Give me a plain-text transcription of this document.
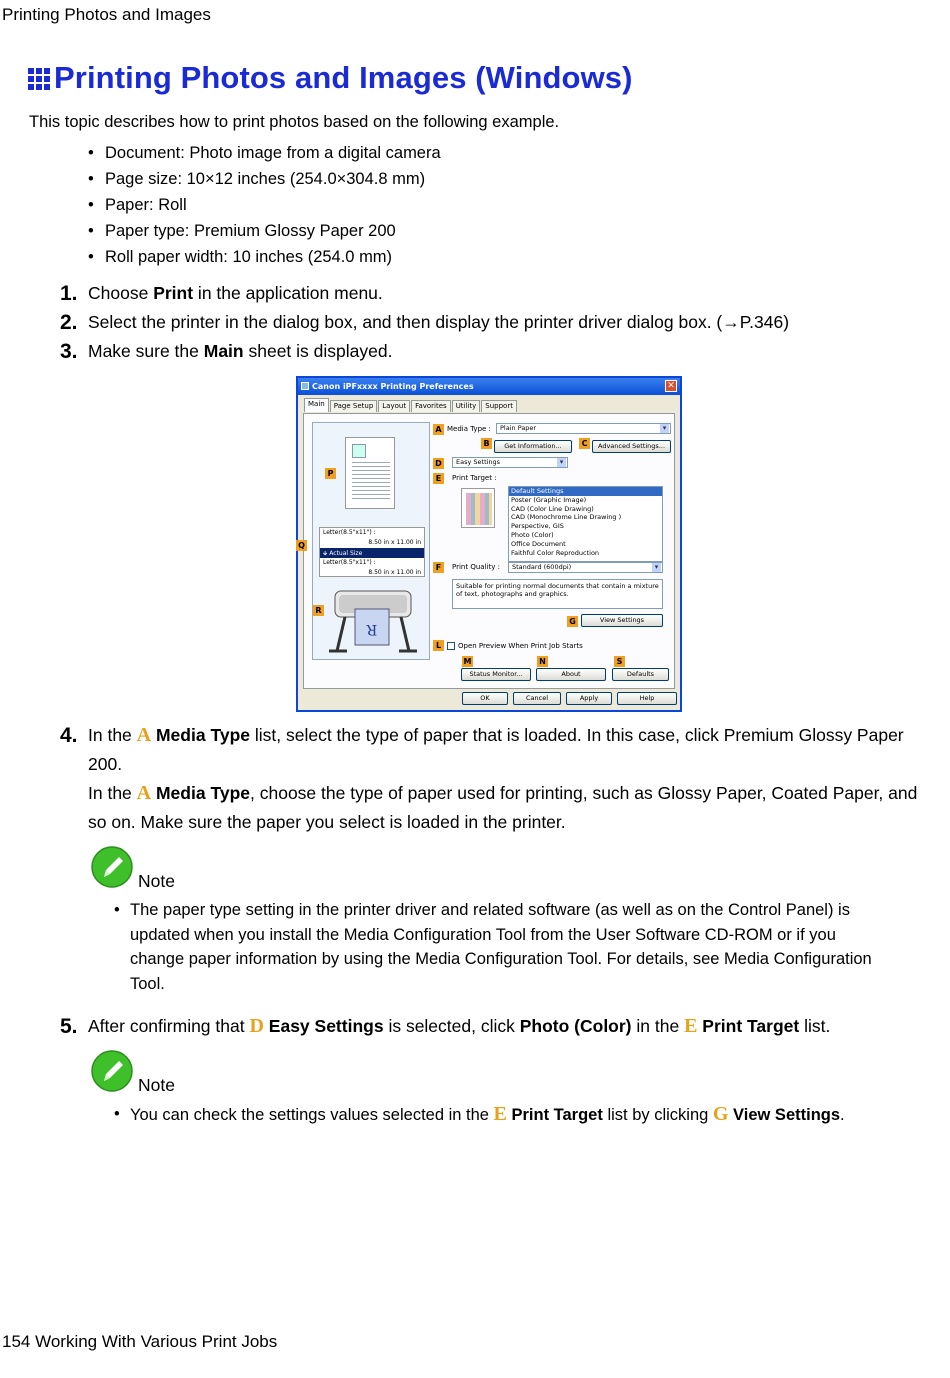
Printing Photos and Images
Printing Photos and Images (Windows)
This topic describes how to print photos based on the following example.
• Document: Photo image from a digital camera
• Page size: 10×12 inches (254.0×304.8 mm)
• Paper: Roll
• Paper type: Premium Glossy Paper 200
• Roll paper width: 10 inches (254.0 mm)
1. Choose Print in the application menu.
2. Select the printer in the dialog box, and then display the printer driver dialog box. (→P.346)
3. Make sure the Main sheet is displayed.
Canon iPFxxxx Printing Preferences	✕
Main	Page Setup	Layout	Favorites	Utility	Support
Letter(8.5"x11") :
8.50 in x 11.00 in
🡳 Actual Size
Letter(8.5"x11") :
8.50 in x 11.00 in
R
P
Q
R
A Media Type :	Plain Paper ▾
B	Get Information...	C	Advanced Settings...
D	Easy Settings ▾
E	Print Target :
Default Settings
Poster (Graphic Image)
CAD (Color Line Drawing)
CAD (Monochrome Line Drawing )
Perspective, GIS
Photo (Color)
Office Document
Faithful Color Reproduction
F	Print Quality :	Standard (600dpi) ▾
Suitable for printing normal documents that contain a mixture of text, photographs and graphics.
G	View Settings
L	Open Preview When Print Job Starts
M	N	S
Status Monitor...	About	Defaults
OK	Cancel	Apply	Help
4. In the A Media Type list, select the type of paper that is loaded. In this case, click Premium Glossy Paper 200.
In the A Media Type, choose the type of paper used for printing, such as Glossy Paper, Coated Paper, and so on. Make sure the paper you select is loaded in the printer.
Note
• The paper type setting in the printer driver and related software (as well as on the Control Panel) is updated when you install the Media Configuration Tool from the User Software CD-ROM or if you change paper information by using the Media Configuration Tool. For details, see Media Configuration Tool.
5. After confirming that D Easy Settings is selected, click Photo (Color) in the E Print Target list.
Note
• You can check the settings values selected in the E Print Target list by clicking G View Settings.
154 Working With Various Print Jobs
